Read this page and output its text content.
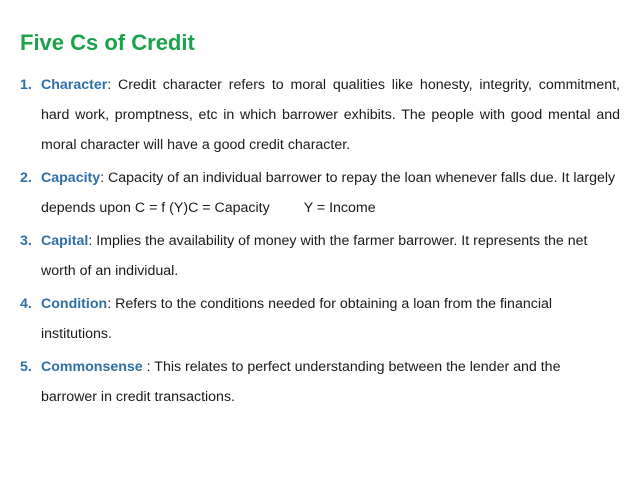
Five Cs of Credit
1. Character: Credit character refers to moral qualities like honesty, integrity, commitment, hard work, promptness, etc in which barrower exhibits. The people with good mental and moral character will have a good credit character.
2. Capacity: Capacity of an individual barrower to repay the loan whenever falls due. It largely depends upon C = f (Y)C = Capacity Y = Income
3. Capital: Implies the availability of money with the farmer barrower. It represents the net worth of an individual.
4. Condition: Refers to the conditions needed for obtaining a loan from the financial institutions.
5. Commonsense : This relates to perfect understanding between the lender and the barrower in credit transactions.
